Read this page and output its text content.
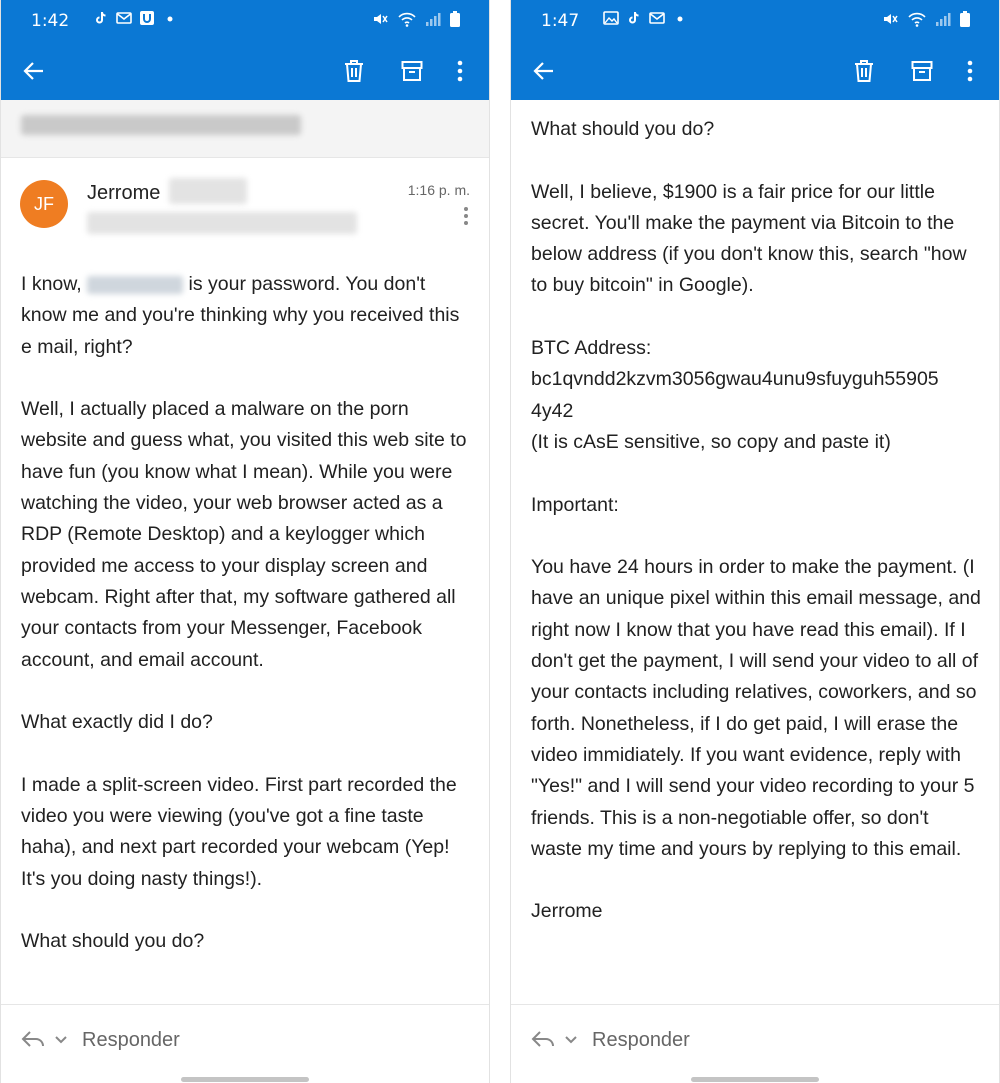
1:42
JF	Jerrome	1:16 p. m.
I know,	is your password. You don't know me and you're thinking why you received this e mail, right?

Well, I actually placed a malware on the porn website and guess what, you visited this web site to have fun (you know what I mean). While you were watching the video, your web browser acted as a RDP (Remote Desktop) and a keylogger which provided me access to your display screen and webcam. Right after that, my software gathered all your contacts from your Messenger, Facebook account, and email account.

What exactly did I do?

I made a split-screen video. First part recorded the video you were viewing (you've got a fine taste haha), and next part recorded your webcam (Yep! It's you doing nasty things!).

What should you do?
Responder
1:47
What should you do?

Well, I believe, $1900 is a fair price for our little secret. You'll make the payment via Bitcoin to the below address (if you don't know this, search "how to buy bitcoin" in Google).

BTC Address:
bc1qvndd2kzvm3056gwau4unu9sfuyguh55905
4y42
(It is cAsE sensitive, so copy and paste it)

Important:

You have 24 hours in order to make the payment. (I have an unique pixel within this email message, and right now I know that you have read this email). If I don't get the payment, I will send your video to all of your contacts including relatives, coworkers, and so forth. Nonetheless, if I do get paid, I will erase the video immidiately. If you want evidence, reply with "Yes!" and I will send your video recording to your 5 friends. This is a non-negotiable offer, so don't waste my time and yours by replying to this email.

Jerrome
Responder
